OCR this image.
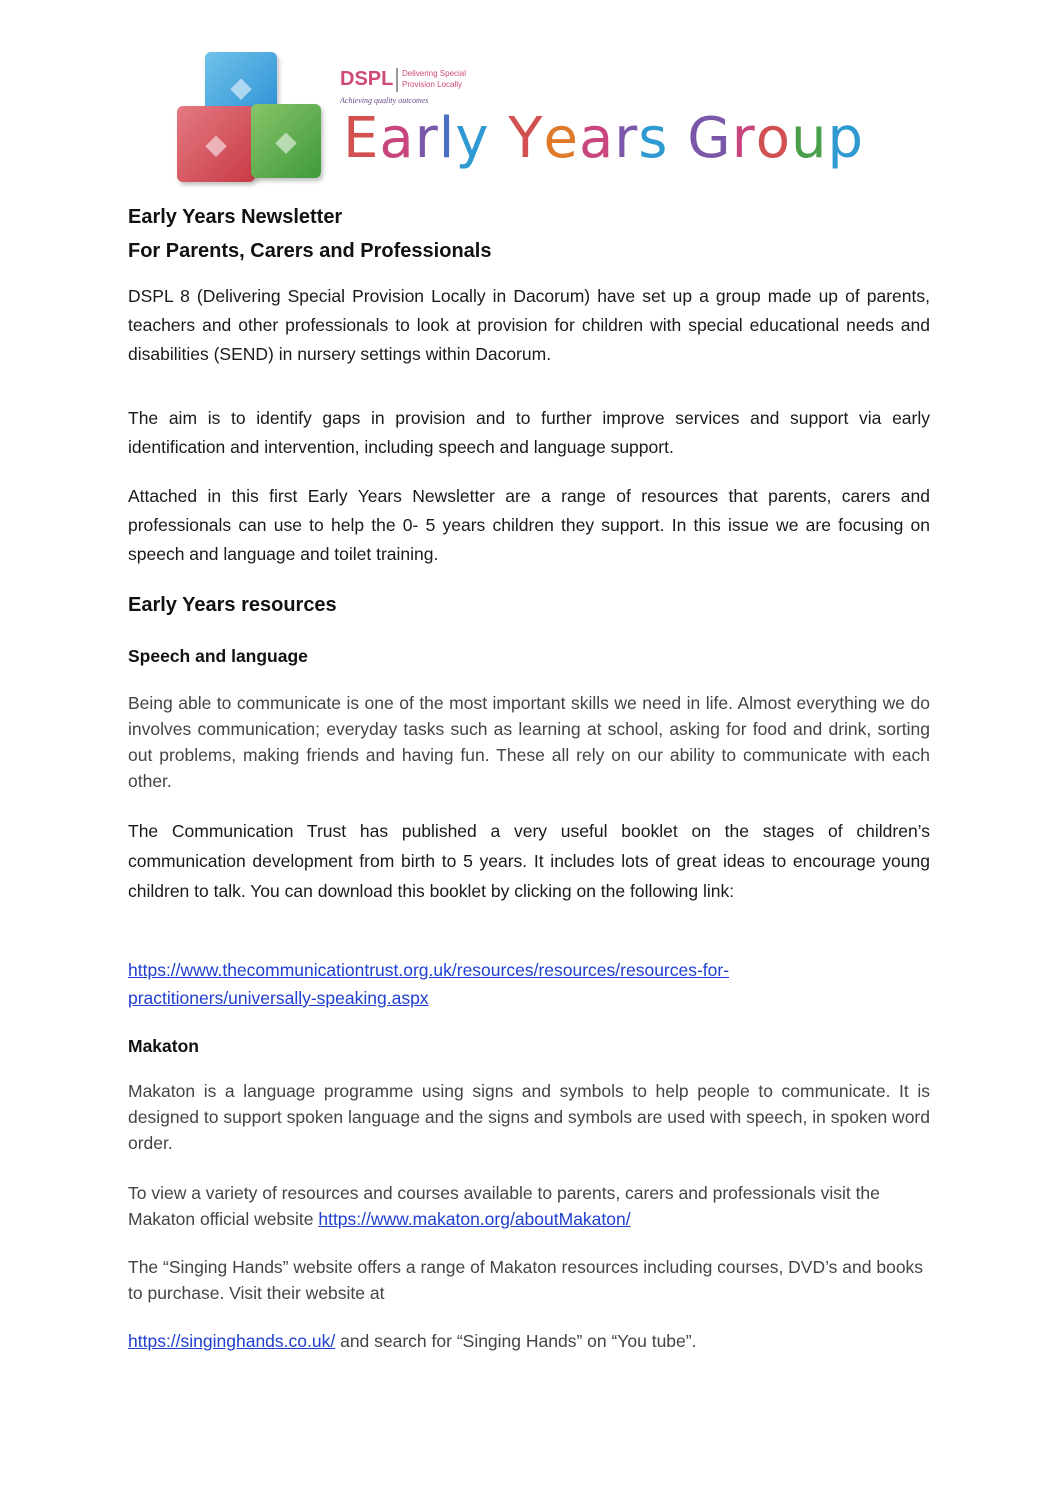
◆
◆ ◆
DSPL Delivering Special Provision Locally
Achieving quality outcomes
Early Years Group
Early Years Newsletter
For Parents, Carers and Professionals

DSPL 8 (Delivering Special Provision Locally in Dacorum) have set up a group made up of parents, teachers and other professionals to look at provision for children with special educational needs and disabilities (SEND) in nursery settings within Dacorum.

The aim is to identify gaps in provision and to further improve services and support via early identification and intervention, including speech and language support.

Attached in this first Early Years Newsletter are a range of resources that parents, carers and professionals can use to help the 0- 5 years children they support. In this issue we are focusing on speech and language and toilet training.

Early Years resources
Speech and language

Being able to communicate is one of the most important skills we need in life. Almost everything we do involves communication; everyday tasks such as learning at school, asking for food and drink, sorting out problems, making friends and having fun. These all rely on our ability to communicate with each other.

The Communication Trust has published a very useful booklet on the stages of children’s communication development from birth to 5 years. It includes lots of great ideas to encourage young children to talk. You can download this booklet by clicking on the following link:

https://www.thecommunicationtrust.org.uk/resources/resources/resources-for-
practitioners/universally-speaking.aspx
Makaton

Makaton is a language programme using signs and symbols to help people to communicate. It is designed to support spoken language and the signs and symbols are used with speech, in spoken word order.

To view a variety of resources and courses available to parents, carers and professionals visit the Makaton official website https://www.makaton.org/aboutMakaton/

The “Singing Hands” website offers a range of Makaton resources including courses, DVD’s and books to purchase. Visit their website at

https://singinghands.co.uk/ and search for “Singing Hands” on “You tube”.
